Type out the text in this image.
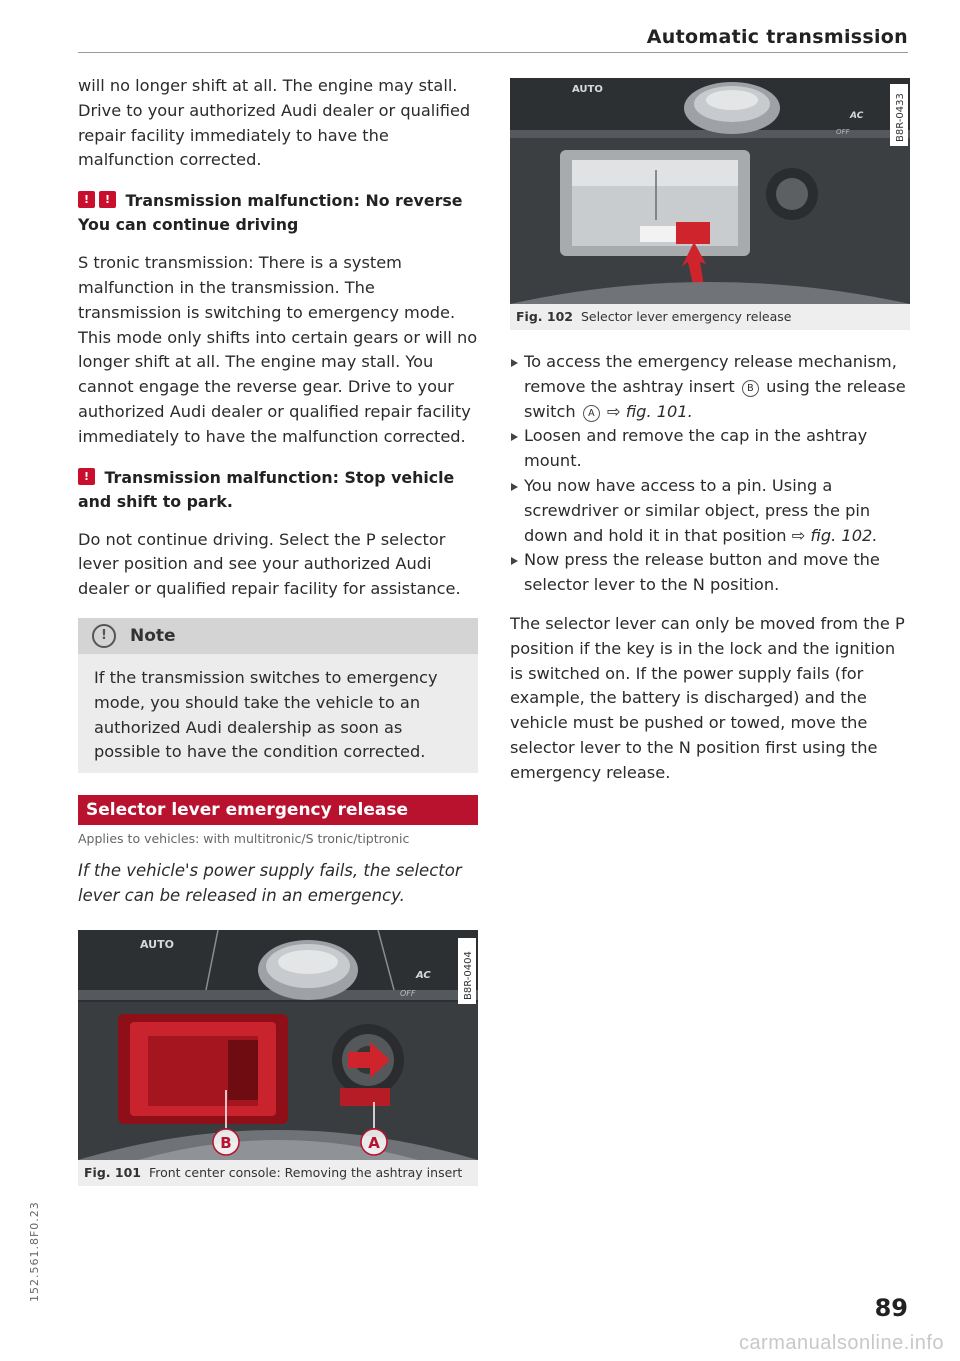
Automatic transmission

will no longer shift at all. The engine may stall. Drive to your authorized Audi dealer or qualified repair facility immediately to have the malfunction corrected.

!! Transmission malfunction: No reverse
You can continue driving

S tronic transmission: There is a system malfunction in the transmission. The transmission is switching to emergency mode. This mode only shifts into certain gears or will no longer shift at all. The engine may stall. You cannot engage the reverse gear. Drive to your authorized Audi dealer or qualified repair facility immediately to have the malfunction corrected.

! Transmission malfunction: Stop vehicle and shift to park.

Do not continue driving. Select the P selector lever position and see your authorized Audi dealer or qualified repair facility for assistance.

!	Note

If the transmission switches to emergency mode, you should take the vehicle to an authorized Audi dealership as soon as possible to have the condition corrected.

Selector lever emergency release
Applies to vehicles: with multitronic/S tronic/tiptronic
If the vehicle's power supply fails, the selector lever can be released in an emergency.
AUTO
AC
OFF
B	A
B8R-0404
Fig. 101 Front center console: Removing the ashtray insert
AUTO
AC
OFF	B8R-0433
Fig. 102 Selector lever emergency release
To access the emergency release mechanism, remove the ashtray insert B using the release switch A ⇨ fig. 101.
Loosen and remove the cap in the ashtray mount.
You now have access to a pin. Using a screwdriver or similar object, press the pin down and hold it in that position ⇨ fig. 102.
Now press the release button and move the selector lever to the N position.

The selector lever can only be moved from the P position if the key is in the lock and the ignition is switched on. If the power supply fails (for example, the battery is discharged) and the vehicle must be pushed or towed, move the selector lever to the N position first using the emergency release.

152.561.8F0.23
89
carmanualsonline.info
